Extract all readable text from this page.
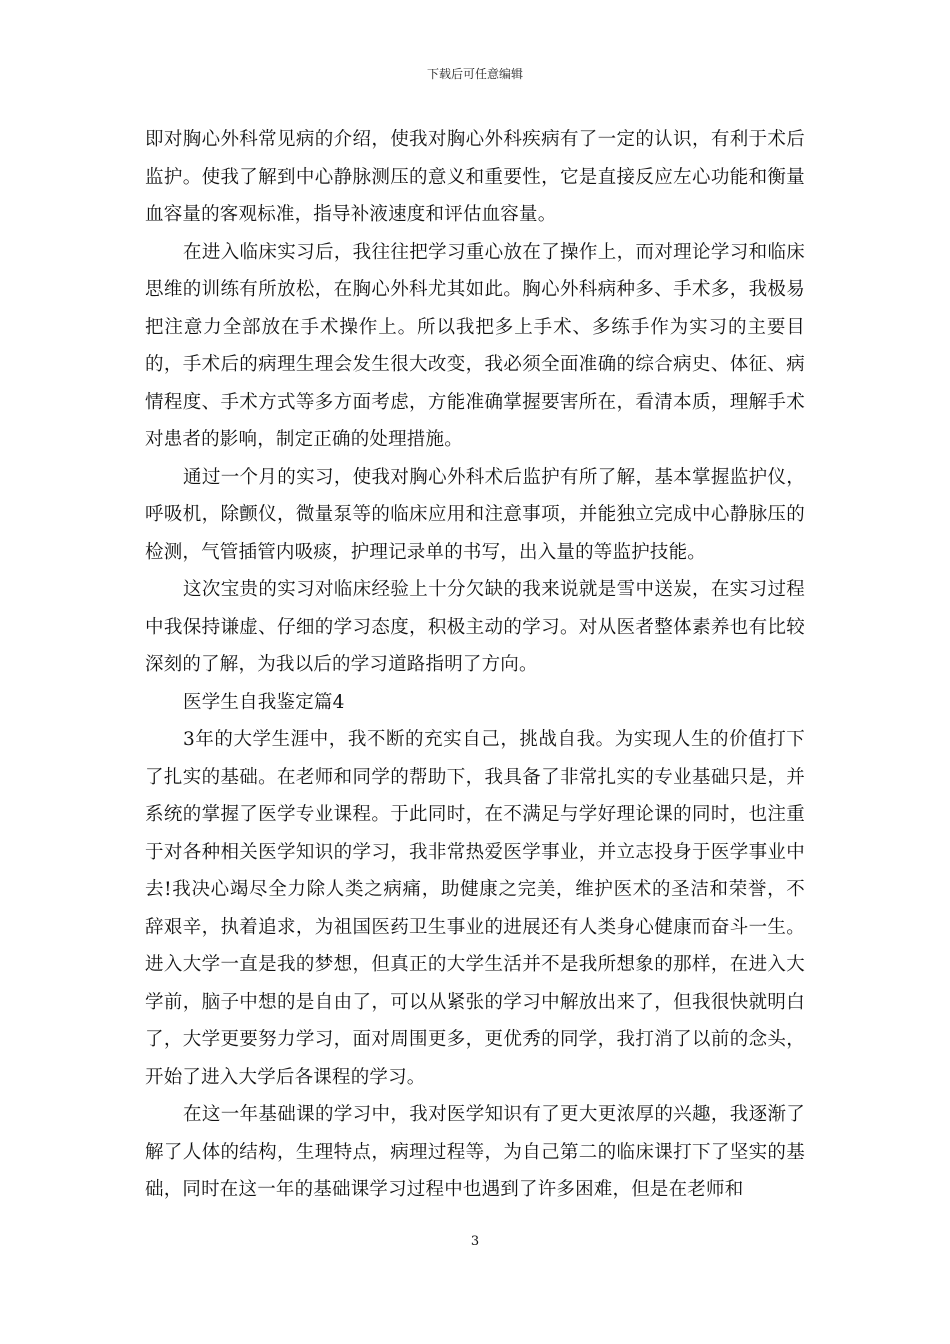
下载后可任意编辑

即对胸心外科常见病的介绍，使我对胸心外科疾病有了一定的认识，有利于术后监护。使我了解到中心静脉测压的意义和重要性，它是直接反应左心功能和衡量血容量的客观标准，指导补液速度和评估血容量。

在进入临床实习后，我往往把学习重心放在了操作上，而对理论学习和临床思维的训练有所放松，在胸心外科尤其如此。胸心外科病种多、手术多，我极易把注意力全部放在手术操作上。所以我把多上手术、多练手作为实习的主要目的，手术后的病理生理会发生很大改变，我必须全面准确的综合病史、体征、病情程度、手术方式等多方面考虑，方能准确掌握要害所在，看清本质，理解手术对患者的影响，制定正确的处理措施。

通过一个月的实习，使我对胸心外科术后监护有所了解，基本掌握监护仪，呼吸机，除颤仪，微量泵等的临床应用和注意事项，并能独立完成中心静脉压的检测，气管插管内吸痰，护理记录单的书写，出入量的等监护技能。

这次宝贵的实习对临床经验上十分欠缺的我来说就是雪中送炭，在实习过程中我保持谦虚、仔细的学习态度，积极主动的学习。对从医者整体素养也有比较深刻的了解，为我以后的学习道路指明了方向。

医学生自我鉴定篇4

3年的大学生涯中，我不断的充实自己，挑战自我。为实现人生的价值打下了扎实的基础。在老师和同学的帮助下，我具备了非常扎实的专业基础只是，并系统的掌握了医学专业课程。于此同时，在不满足与学好理论课的同时，也注重于对各种相关医学知识的学习，我非常热爱医学事业，并立志投身于医学事业中去!我决心竭尽全力除人类之病痛，助健康之完美，维护医术的圣洁和荣誉，不辞艰辛，执着追求，为祖国医药卫生事业的进展还有人类身心健康而奋斗一生。进入大学一直是我的梦想，但真正的大学生活并不是我所想象的那样，在进入大学前，脑子中想的是自由了，可以从紧张的学习中解放出来了，但我很快就明白了，大学更要努力学习，面对周围更多，更优秀的同学，我打消了以前的念头，开始了进入大学后各课程的学习。

在这一年基础课的学习中，我对医学知识有了更大更浓厚的兴趣，我逐渐了解了人体的结构，生理特点，病理过程等，为自己第二的临床课打下了坚实的基础，同时在这一年的基础课学习过程中也遇到了许多困难，但是在老师和

3
